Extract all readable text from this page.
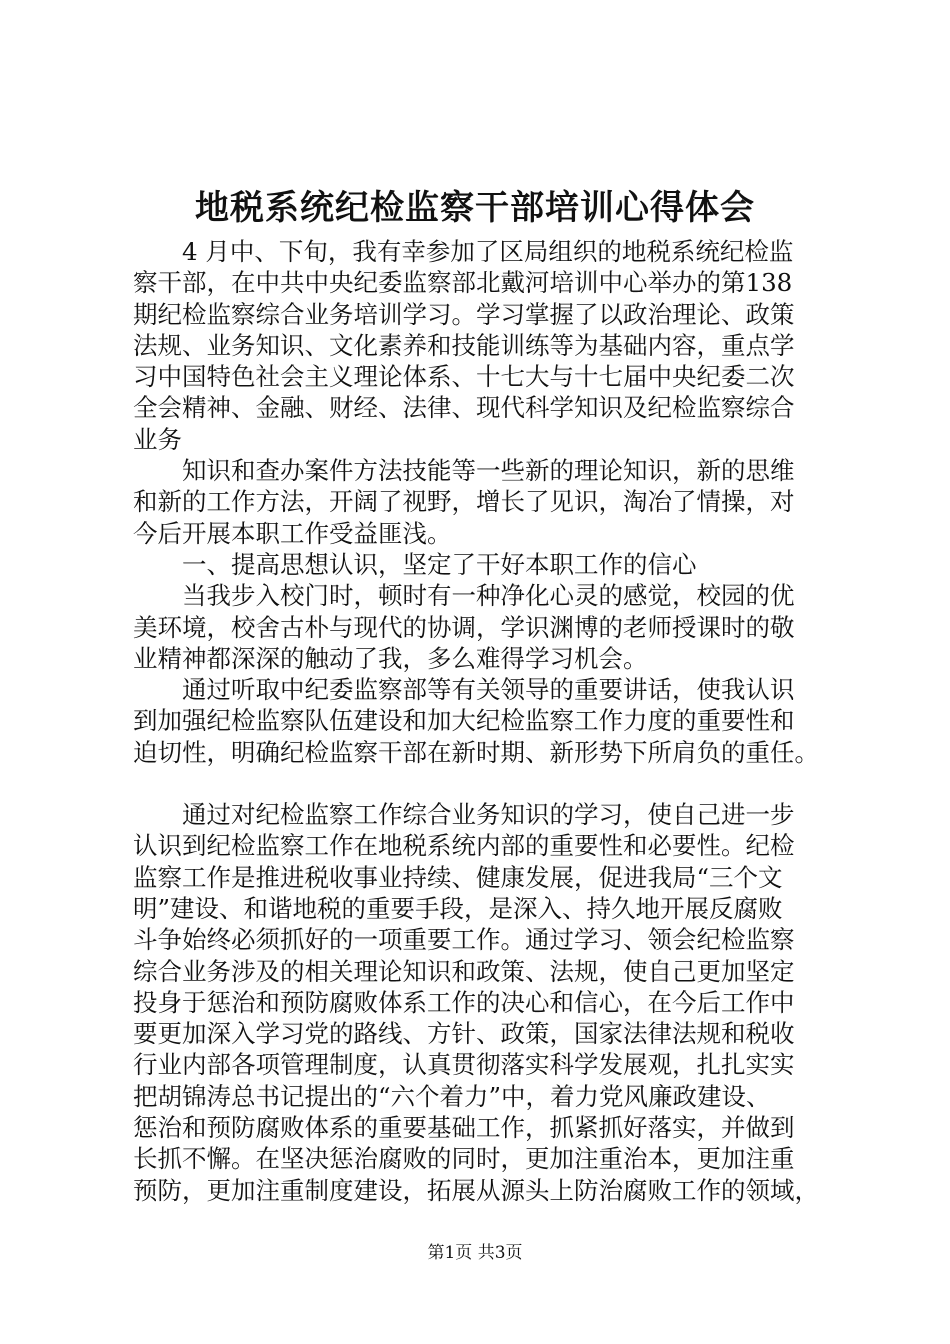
地税系统纪检监察干部培训心得体会

　　4 月中、下旬，我有幸参加了区局组织的地税系统纪检监
察干部，在中共中央纪委监察部北戴河培训中心举办的第138
期纪检监察综合业务培训学习。学习掌握了以政治理论、政策
法规、业务知识、文化素养和技能训练等为基础内容，重点学
习中国特色社会主义理论体系、十七大与十七届中央纪委二次
全会精神、金融、财经、法律、现代科学知识及纪检监察综合
业务

　　知识和查办案件方法技能等一些新的理论知识，新的思维
和新的工作方法，开阔了视野，增长了见识，淘冶了情操，对
今后开展本职工作受益匪浅。

　　一、提高思想认识，坚定了干好本职工作的信心

　　当我步入校门时，顿时有一种净化心灵的感觉，校园的优
美环境，校舍古朴与现代的协调，学识渊博的老师授课时的敬
业精神都深深的触动了我，多么难得学习机会。

　　通过听取中纪委监察部等有关领导的重要讲话，使我认识
到加强纪检监察队伍建设和加大纪检监察工作力度的重要性和
迫切性，明确纪检监察干部在新时期、新形势下所肩负的重任。

　　通过对纪检监察工作综合业务知识的学习，使自己进一步
认识到纪检监察工作在地税系统内部的重要性和必要性。纪检
监察工作是推进税收事业持续、健康发展，促进我局“三个文
明”建设、和谐地税的重要手段，是深入、持久地开展反腐败
斗争始终必须抓好的一项重要工作。通过学习、领会纪检监察
综合业务涉及的相关理论知识和政策、法规，使自己更加坚定
投身于惩治和预防腐败体系工作的决心和信心，在今后工作中
要更加深入学习党的路线、方针、政策，国家法律法规和税收
行业内部各项管理制度，认真贯彻落实科学发展观，扎扎实实
把胡锦涛总书记提出的“六个着力”中，着力党风廉政建设、
惩治和预防腐败体系的重要基础工作，抓紧抓好落实，并做到
长抓不懈。在坚决惩治腐败的同时，更加注重治本，更加注重
预防，更加注重制度建设，拓展从源头上防治腐败工作的领域，

第1页 共3页
